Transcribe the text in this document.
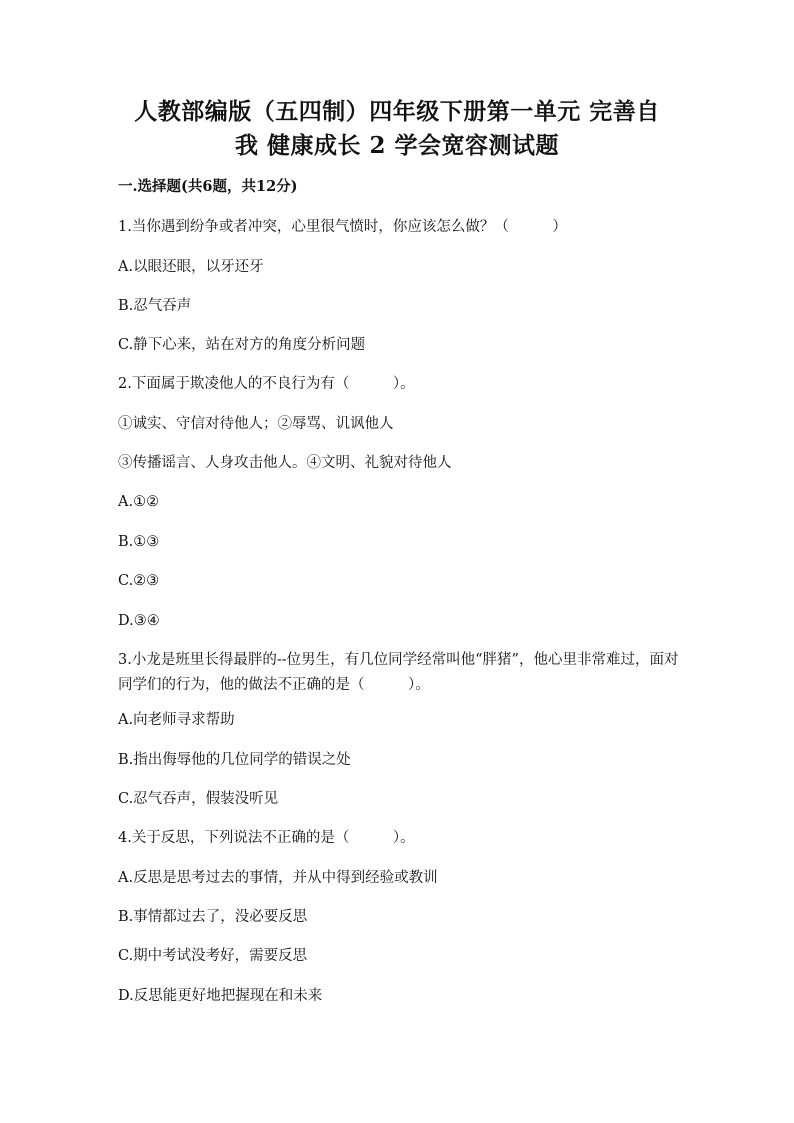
人教部编版（五四制）四年级下册第一单元 完善自
我 健康成长 2 学会宽容测试题

一.选择题(共6题，共12分)

1.当你遇到纷争或者冲突，心里很气愤时，你应该怎么做？（　　　）

A.以眼还眼，以牙还牙

B.忍气吞声

C.静下心来，站在对方的角度分析问题

2.下面属于欺凌他人的不良行为有（　　　）。

①诚实、守信对待他人；②辱骂、讥讽他人

③传播谣言、人身攻击他人。④文明、礼貌对待他人

A.①②

B.①③

C.②③

D.③④

3.小龙是班里长得最胖的--位男生，有几位同学经常叫他“胖猪”，他心里非常难过，面对同学们的行为，他的做法不正确的是（　　　）。

A.向老师寻求帮助

B.指出侮辱他的几位同学的错误之处

C.忍气吞声，假装没听见

4.关于反思，下列说法不正确的是（　　　）。

A.反思是思考过去的事情，并从中得到经验或教训

B.事情都过去了，没必要反思

C.期中考试没考好，需要反思

D.反思能更好地把握现在和未来
